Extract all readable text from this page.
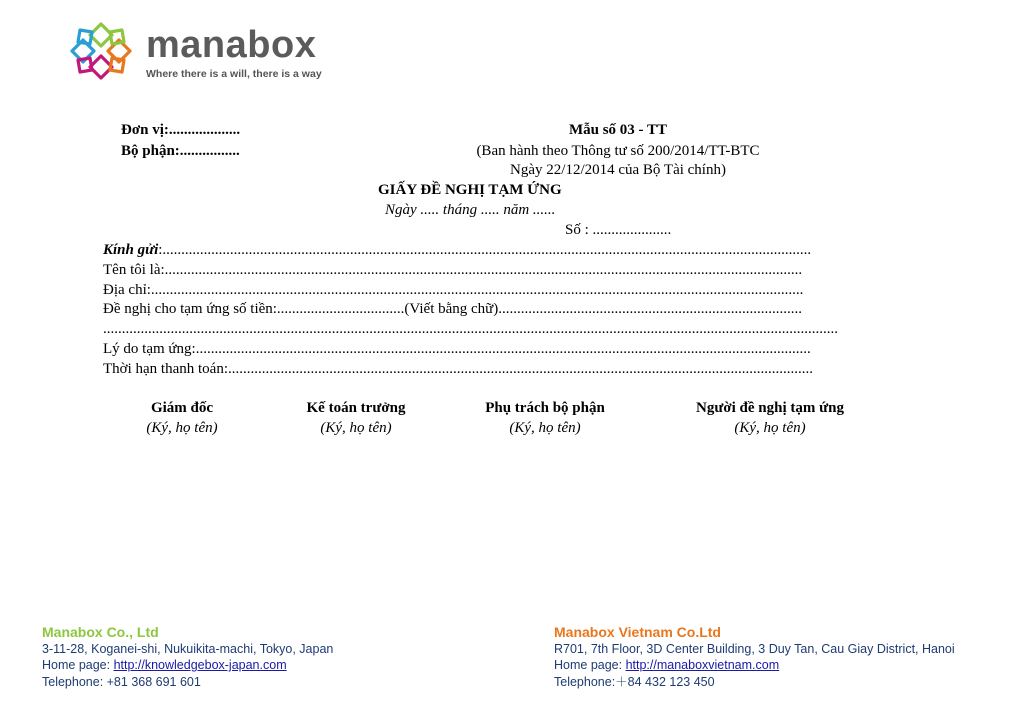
manabox
Where there is a will, there is a way
Đơn vị:...................
Bộ phận:................
Mẫu số 03 - TT
(Ban hành theo Thông tư số 200/2014/TT-BTC
Ngày 22/12/2014 của Bộ Tài chính)
GIẤY ĐỀ NGHỊ TẠM ỨNG
Ngày ..... tháng ..... năm ......
Số : .....................
Kính gửi:.............................................................................................................................................................................
Tên tôi là:..........................................................................................................................................................................
Địa chỉ:..............................................................................................................................................................................
Đề nghị cho tạm ứng số tiền:..................................(Viết bằng chữ).................................................................................
....................................................................................................................................................................................................
Lý do tạm ứng:....................................................................................................................................................................
Thời hạn thanh toán:............................................................................................................................................................
Giám đốc
(Ký, họ tên)
Kế toán trưởng
(Ký, họ tên)
Phụ trách bộ phận
(Ký, họ tên)
Người đề nghị tạm ứng
(Ký, họ tên)
Manabox Co., Ltd
3-11-28, Koganei-shi, Nukuikita-machi, Tokyo, Japan
Home page: http://knowledgebox-japan.com
Telephone: +81 368 691 601
Manabox Vietnam Co.Ltd
R701, 7th Floor, 3D Center Building, 3 Duy Tan, Cau Giay District, Hanoi
Home page: http://manaboxvietnam.com
Telephone:＋84 432 123 450
